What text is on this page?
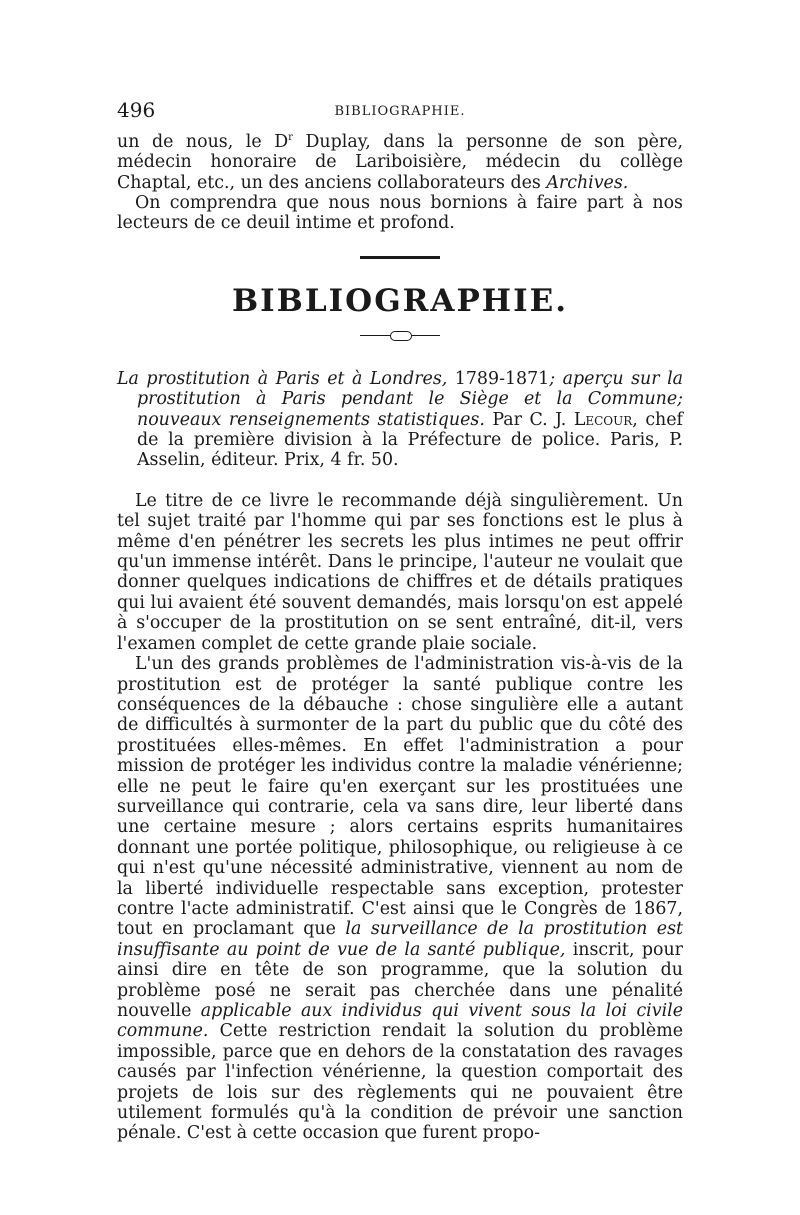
496	BIBLIOGRAPHIE.

un de nous, le $D^r$ Duplay, dans la personne de son père, médecin honoraire de Lariboisière, médecin du collège Chaptal, etc., un des anciens collaborateurs des Archives.

On comprendra que nous nous bornions à faire part à nos lecteurs de ce deuil intime et profond.

BIBLIOGRAPHIE.
La prostitution à Paris et à Londres, 1789-1871; aperçu sur la prostitution à Paris pendant le Siège et la Commune; nouveaux renseignements statistiques. Par C. J. Lecour, chef de la première division à la Préfecture de police. Paris, P. Asselin, éditeur. Prix, 4 fr. 50.

Le titre de ce livre le recommande déjà singulièrement. Un tel sujet traité par l'homme qui par ses fonctions est le plus à même d'en pénétrer les secrets les plus intimes ne peut offrir qu'un immense intérêt. Dans le principe, l'auteur ne voulait que donner quelques indications de chiffres et de détails pratiques qui lui avaient été souvent demandés, mais lorsqu'on est appelé à s'occuper de la prostitution on se sent entraîné, dit-il, vers l'examen complet de cette grande plaie sociale.

L'un des grands problèmes de l'administration vis-à-vis de la prostitution est de protéger la santé publique contre les conséquences de la débauche : chose singulière elle a autant de difficultés à surmonter de la part du public que du côté des prostituées elles-mêmes. En effet l'administration a pour mission de protéger les individus contre la maladie vénérienne; elle ne peut le faire qu'en exerçant sur les prostituées une surveillance qui contrarie, cela va sans dire, leur liberté dans une certaine mesure ; alors certains esprits humanitaires donnant une portée politique, philosophique, ou religieuse à ce qui n'est qu'une nécessité administrative, viennent au nom de la liberté individuelle respectable sans exception, protester contre l'acte administratif. C'est ainsi que le Congrès de 1867, tout en proclamant que la surveillance de la prostitution est insuffisante au point de vue de la santé publique, inscrit, pour ainsi dire en tête de son programme, que la solution du problème posé ne serait pas cherchée dans une pénalité nouvelle applicable aux individus qui vivent sous la loi civile commune. Cette restriction rendait la solution du problème impossible, parce que en dehors de la constatation des ravages causés par l'infection vénérienne, la question comportait des projets de lois sur des règlements qui ne pouvaient être utilement formulés qu'à la condition de prévoir une sanction pénale. C'est à cette occasion que furent propo-
